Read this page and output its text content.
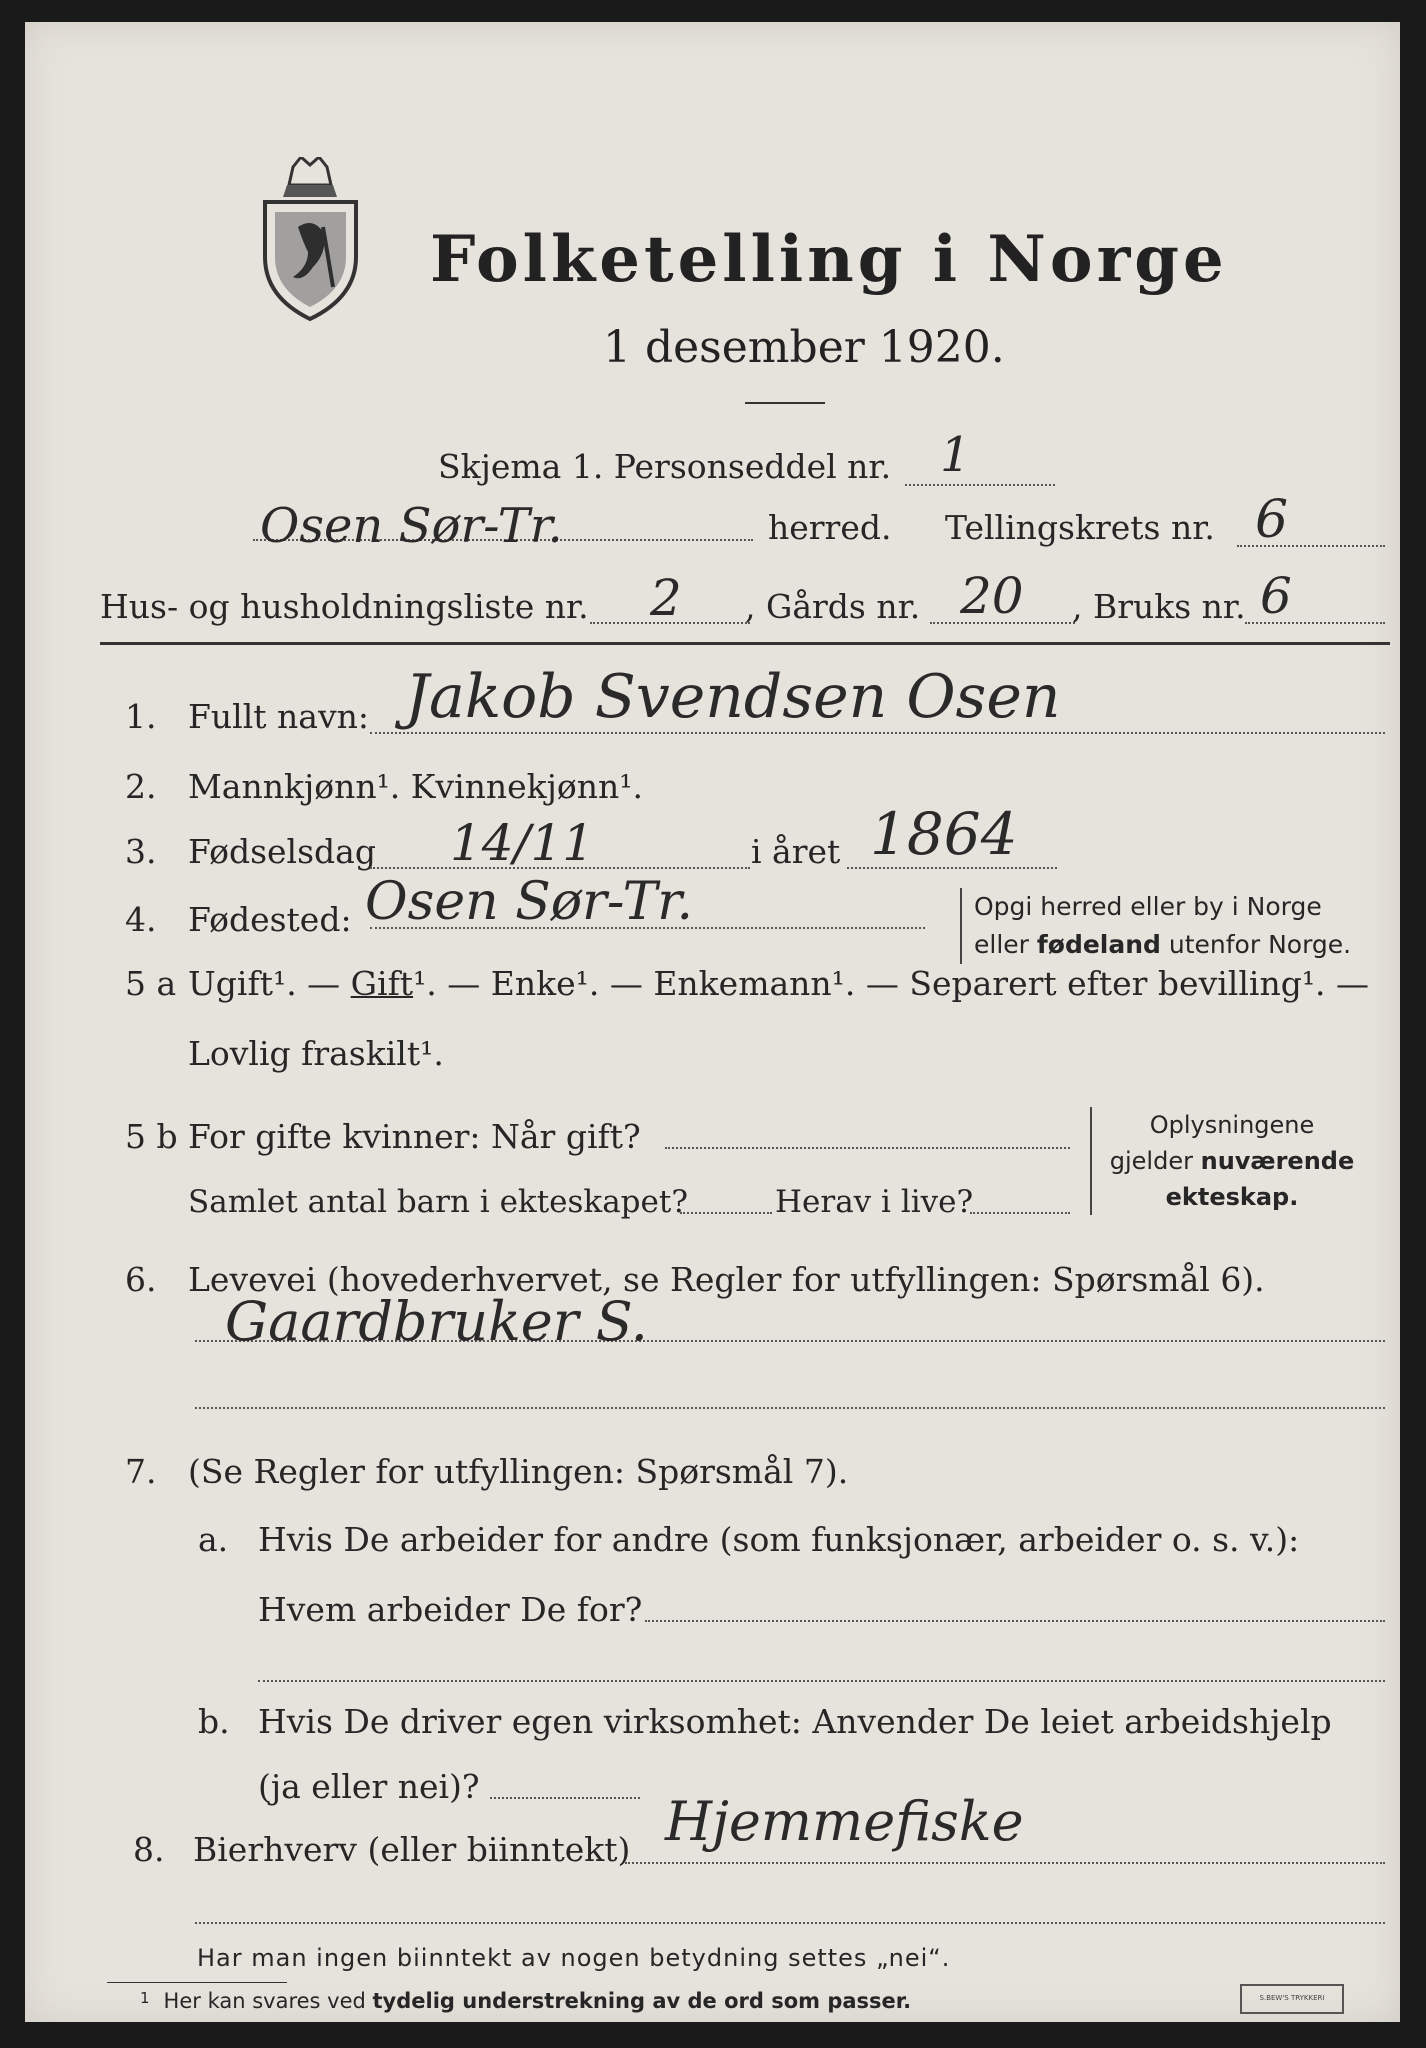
Folketelling i Norge
1 desember 1920.
Skjema 1. Personseddel nr. 1
Osen Sør-Tr.	herred. Tellingskrets nr. 6
Hus- og husholdningsliste nr. 2 , Gårds nr. 20 , Bruks nr. 6
1. Fullt navn: Jakob Svendsen Osen
2. Mannkjønn¹. Kvinnekjønn¹.
3. Fødselsdag 14/11	i året 1864
4. Fødested: Osen Sør-Tr.	Opgi herred eller by i Norge
eller fødeland utenfor Norge.
5 a Ugift¹. — Gift¹. — Enke¹. — Enkemann¹. — Separert efter bevilling¹. —
Lovlig fraskilt¹.
5 b For gifte kvinner: Når gift?
Samlet antal barn i ekteskapet?	Herav i live?
Oplysningene
gjelder nuværende
ekteskap.
6. Levevei (hovederhvervet, se Regler for utfyllingen: Spørsmål 6).
Gaardbruker S.
7. (Se Regler for utfyllingen: Spørsmål 7).
a. Hvis De arbeider for andre (som funksjonær, arbeider o. s. v.):
Hvem arbeider De for?
b. Hvis De driver egen virksomhet: Anvender De leiet arbeidshjelp
(ja eller nei)?
8. Bierhverv (eller biinntekt) Hjemmefiske
Har man ingen biinntekt av nogen betydning settes „nei“.
$^1$ Her kan svares ved tydelig understrekning av de ord som passer.	S.BEW'S TRYKKERI
